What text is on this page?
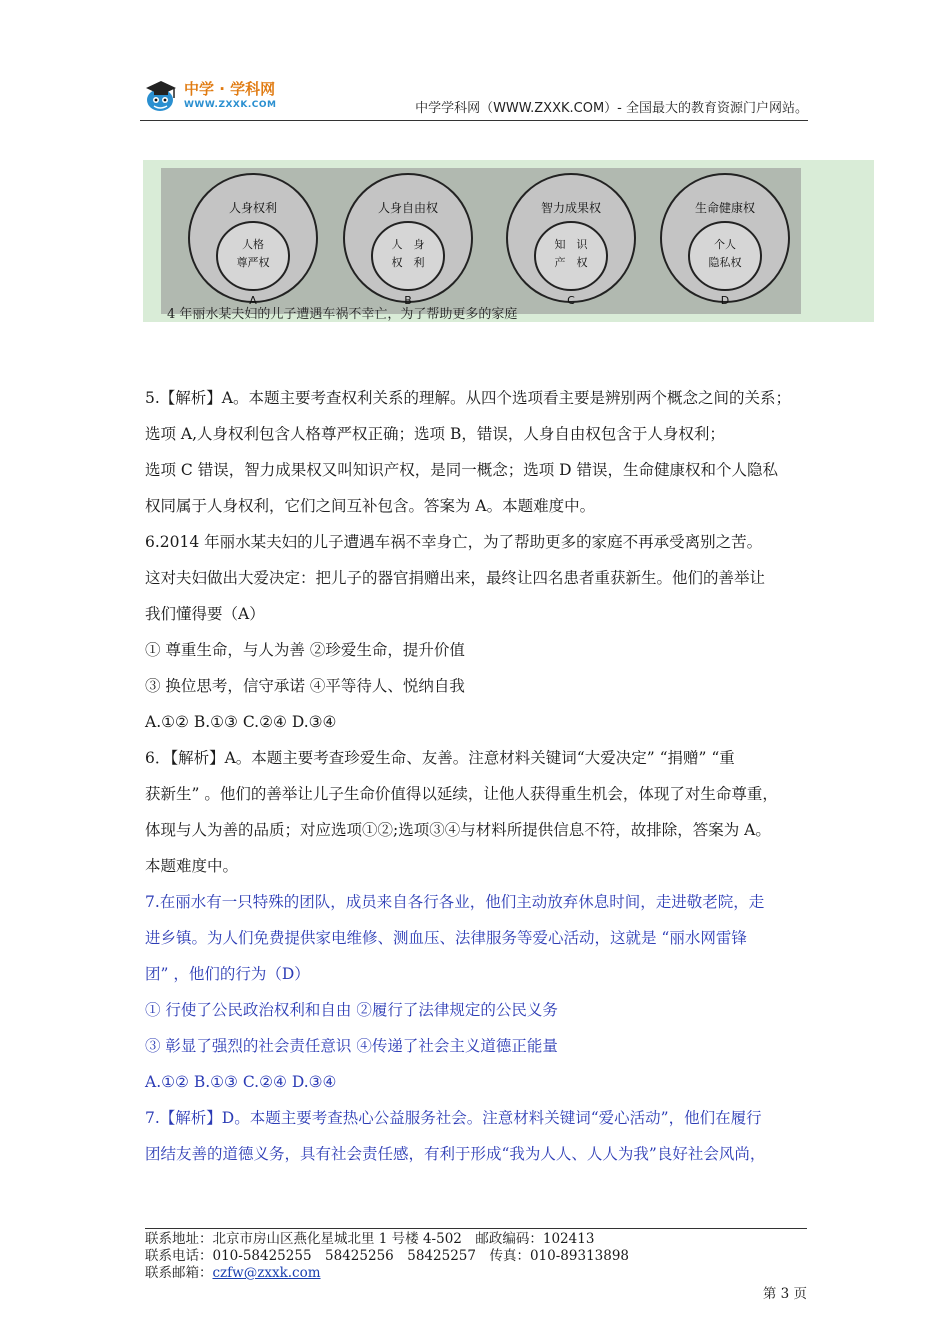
中学 · 学科网
WWW.ZXXK.COM	中学学科网（WWW.ZXXK.COM）- 全国最大的教育资源门户网站。
人身权利
人格
尊严权
A
人身自由权
人　身
权　利
B
智力成果权
知　识
产　权
C
生命健康权
个人
隐私权
D
4 年丽水某夫妇的儿子遭遇车祸不幸亡，为了帮助更多的家庭
5.【解析】A。本题主要考查权利关系的理解。从四个选项看主要是辨别两个概念之间的关系；
选项 A,人身权利包含人格尊严权正确；选项 B，错误，人身自由权包含于人身权利；
选项 C 错误，智力成果权又叫知识产权，是同一概念；选项 D 错误，生命健康权和个人隐私
权同属于人身权利，它们之间互补包含。答案为 A。本题难度中。
6.2014 年丽水某夫妇的儿子遭遇车祸不幸身亡，为了帮助更多的家庭不再承受离别之苦。
这对夫妇做出大爱决定：把儿子的器官捐赠出来，最终让四名患者重获新生。他们的善举让
我们懂得要（A）
① 尊重生命，与人为善 ②珍爱生命，提升价值
③ 换位思考，信守承诺 ④平等待人、悦纳自我
A.①② B.①③ C.②④ D.③④
6．【解析】A。本题主要考查珍爱生命、友善。注意材料关键词“大爱决定” “捐赠” “重
获新生” 。他们的善举让儿子生命价值得以延续，让他人获得重生机会，体现了对生命尊重，
体现与人为善的品质；对应选项①②;选项③④与材料所提供信息不符，故排除，答案为 A。
本题难度中。
7.在丽水有一只特殊的团队，成员来自各行各业，他们主动放弃休息时间，走进敬老院，走
进乡镇。为人们免费提供家电维修、测血压、法律服务等爱心活动，这就是 “丽水网雷锋
团” ，他们的行为（D）
① 行使了公民政治权利和自由 ②履行了法律规定的公民义务
③ 彰显了强烈的社会责任意识 ④传递了社会主义道德正能量
A.①② B.①③ C.②④ D.③④
7.【解析】D。本题主要考查热心公益服务社会。注意材料关键词“爱心活动”，他们在履行
团结友善的道德义务，具有社会责任感，有利于形成“我为人人、人人为我”良好社会风尚，
联系地址：北京市房山区燕化星城北里 1 号楼 4-502　邮政编码：102413
联系电话：010-58425255　58425256　58425257　传真：010-89313898
联系邮箱：czfw@zxxk.com
第 3 页
